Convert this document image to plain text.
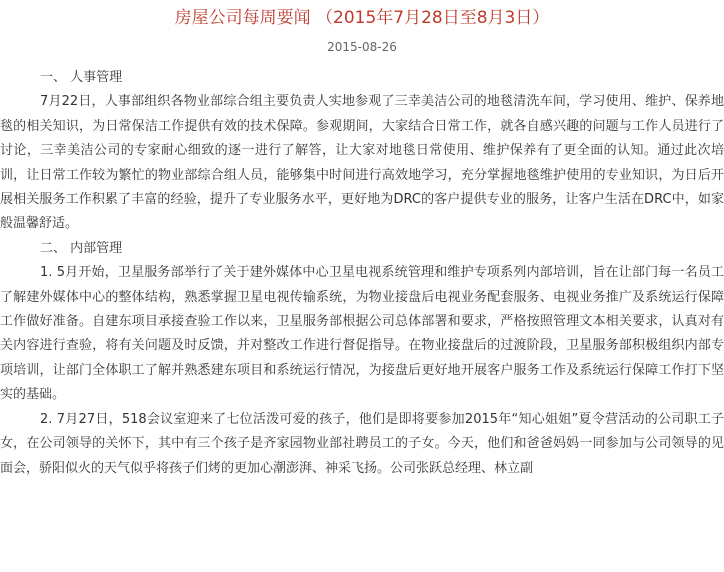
房屋公司每周要闻 （2015年7月28日至8月3日）
2015-08-26

一、 人事管理

7月22日，人事部组织各物业部综合组主要负责人实地参观了三幸美洁公司的地毯清洗车间，学习使用、维护、保养地毯的相关知识，为日常保洁工作提供有效的技术保障。参观期间，大家结合日常工作，就各自感兴趣的问题与工作人员进行了讨论，三幸美洁公司的专家耐心细致的逐一进行了解答，让大家对地毯日常使用、维护保养有了更全面的认知。通过此次培训，让日常工作较为繁忙的物业部综合组人员，能够集中时间进行高效地学习，充分掌握地毯维护使用的专业知识，为日后开展相关服务工作积累了丰富的经验，提升了专业服务水平，更好地为DRC的客户提供专业的服务，让客户生活在DRC中，如家般温馨舒适。

二、 内部管理

1. 5月开始，卫星服务部举行了关于建外媒体中心卫星电视系统管理和维护专项系列内部培训，旨在让部门每一名员工了解建外媒体中心的整体结构，熟悉掌握卫星电视传输系统，为物业接盘后电视业务配套服务、电视业务推广及系统运行保障工作做好准备。自建东项目承接查验工作以来，卫星服务部根据公司总体部署和要求，严格按照管理文本相关要求，认真对有关内容进行查验，将有关问题及时反馈，并对整改工作进行督促指导。在物业接盘后的过渡阶段，卫星服务部积极组织内部专项培训，让部门全体职工了解并熟悉建东项目和系统运行情况，为接盘后更好地开展客户服务工作及系统运行保障工作打下坚实的基础。

2. 7月27日，518会议室迎来了七位活泼可爱的孩子，他们是即将要参加2015年“知心姐姐”夏令营活动的公司职工子女，在公司领导的关怀下，其中有三个孩子是齐家园物业部社聘员工的子女。今天，他们和爸爸妈妈一同参加与公司领导的见面会，骄阳似火的天气似乎将孩子们烤的更加心潮澎湃、神采飞扬。公司张跃总经理、林立副
